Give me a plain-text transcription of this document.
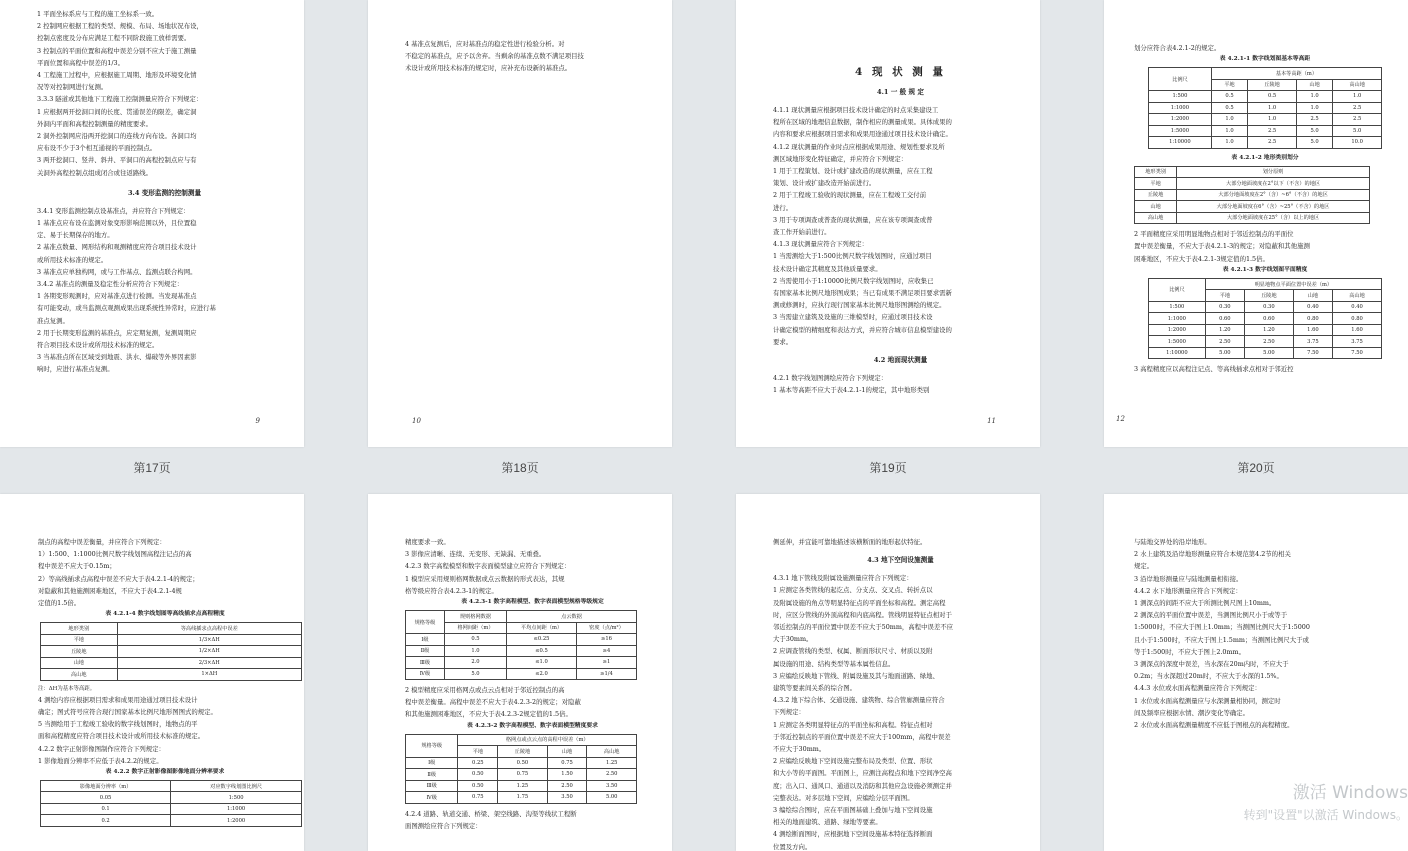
1 平面坐标系应与工程的施工坐标系一致。
2 控制网应根据工程的类型、规模、布局、场地状况布设，
控制点密度及分布应满足工程不同阶段施工放样需要。
3 控制点的平面位置和高程中误差分别不应大于施工测量
平面位置和高程中误差的1/3。
4 工程施工过程中，应根据施工周期、地形及环境变化情
况等对控制网进行复测。
3.3.3 隧道或其他地下工程施工控制测量应符合下列规定：
1 应根据两开挖洞口间的长度、贯通误差的限差，确定洞
外洞内平面和高程控制测量的精度要求。
2 洞外控制网应沿两开挖洞口的连线方向布设。各洞口均
应布设不少于3个相互通视的平面控制点。
3 两开挖洞口、竖井、斜井、平洞口的高程控制点应与有
关洞外高程控制点组成闭合或往返路线。
3.4 变形监测的控制测量
3.4.1 变形监测控制点设基准点，并应符合下列规定：
1 基准点应布设在监测对象变形影响范围以外，且位置稳
定、易于长期保存的地方。
2 基准点数量、网形结构和观测精度应符合项目技术设计
或所用技术标准的规定。
3 基准点应单独构网，或与工作基点、监测点联合构网。
3.4.2 基准点的测量及稳定性分析应符合下列规定：
1 各期变形观测时，应对基准点进行检测。当发现基准点
有可能变动，或当监测点观测成果出现系统性异常时，应进行基
准点复测。
2 用于长期变形监测的基准点，应定期复测，复测周期应
符合项目技术设计或所用技术标准的规定。
3 当基准点所在区域受到地震、洪水、爆破等外界因素影
响时，应进行基准点复测。
9
第17页
4 基准点复测后，应对基准点的稳定性进行检验分析。对
不稳定的基准点，应予以舍弃。当剩余的基准点数不满足项目技
术设计或所用技术标准的规定时，应补充布设新的基准点。
10
第18页
4 现 状 测 量
4.1 一 般 规 定
4.1.1 现状测量应根据项目技术设计确定的时点采集建设工
程所在区域的地理信息数据，制作相应的测量成果。具体成果的
内容和要求应根据项目需求和成果用途通过项目技术设计确定。
4.1.2 现状测量的作业时点应根据成果用途、规划性要求及所
测区域地形变化特征确定，并应符合下列规定：
1 用于工程策划、设计或扩建改造的现状测量，应在工程
策划、设计或扩建改造开始前进行。
2 用于工程竣工验收的现状测量，应在工程竣工交付前
进行。
3 用于专项调查或普查的现状测量，应在该专项调查或普
查工作开始前进行。
4.1.3 现状测量应符合下列规定：
1 当需测绘大于1:500比例尺数字线划图时，应通过项目
技术设计确定其精度及其他质量要求。
2 当需使用小于1:10000比例尺数字线划图时，应收集已
有国家基本比例尺地形图成果；当已有成果不满足项目要求需新
测或修测时，应执行现行国家基本比例尺地形图测绘的规定。
3 当需建立建筑及设施的三维模型时，应通过项目技术设
计确定模型的精细度和表达方式，并应符合城市信息模型建设的
要求。
4.2 地面现状测量
4.2.1 数字线划图测绘应符合下列规定：
1 基本等高距不应大于表4.2.1-1的规定，其中地形类别
11
第19页
划分应符合表4.2.1-2的规定。
表 4.2.1-1 数字线划图基本等高距
比例尺	基本等高距（m）			
	平地	丘陵地	山地	高山地
1:500	0.5	0.5	1.0	1.0
1:1000	0.5	1.0	1.0	2.5
1:2000	1.0	1.0	2.5	2.5
1:5000	1.0	2.5	5.0	5.0
1:10000	1.0	2.5	5.0	10.0
表 4.2.1-2 地形类别划分
地形类别	划分原则
平地	大部分地面坡度在2°以下（不含）的地区
丘陵地	大部分地面坡度在2°（含）~6°（不含）的地区
山地	大部分地面坡度在6°（含）~25°（不含）的地区
高山地	大部分地面坡度在25°（含）以上的地区
2 平面精度应采用明显地物点相对于邻近控制点的平面位
置中误差衡量，不应大于表4.2.1-3的规定；对隐蔽和其他施测
困难地区，不应大于表4.2.1-3规定值的1.5倍。
表 4.2.1-3 数字线划图平面精度
比例尺	明显地物点平面位置中误差（m）			
	平地	丘陵地	山地	高山地
1:500	0.30	0.30	0.40	0.40
1:1000	0.60	0.60	0.80	0.80
1:2000	1.20	1.20	1.60	1.60
1:5000	2.50	2.50	3.75	3.75
1:10000	5.00	5.00	7.50	7.50
3 高程精度应以高程注记点、等高线插求点相对于邻近控
12
第20页
制点的高程中误差衡量，并应符合下列规定：
1）1:500、1:1000比例尺数字线划图高程注记点的高
程中误差不应大于0.15m；
2）等高线插求点高程中误差不应大于表4.2.1-4的规定；
对隐蔽和其他施测困难地区，不应大于表4.2.1-4规
定值的1.5倍。
表 4.2.1-4 数字线划图等高线插求点高程精度
地形类别	等高线插求点高程中误差
平地	1/3×ΔH
丘陵地	1/2×ΔH
山地	2/3×ΔH
高山地	1×ΔH
注：ΔH为基本等高距。
4 测绘内容应根据项目需求和成果用途通过项目技术设计
确定；图式符号应符合现行国家基本比例尺地形图图式的规定。
5 当测绘用于工程竣工验收的数字线划图时，地物点的平
面和高程精度应符合项目技术设计或所用技术标准的规定。
4.2.2 数字正射影像图制作应符合下列规定：
1 影像地面分辨率不应低于表4.2.2的规定。
表 4.2.2 数字正射影像图影像地面分辨率要求
影像地面分辨率（m）	对应数字线划图比例尺
0.05	1:500
0.1	1:1000
0.2	1:2000
精度要求一致。
3 影像应清晰、连续、无变形、无缺漏、无重叠。
4.2.3 数字高程模型和数字表面模型建立应符合下列规定：
1 模型应采用规则格网数据或点云数据的形式表达，其规
格等级应符合表4.2.3-1的规定。
表 4.2.3-1 数字高程模型、数字表面模型规格等级规定
规格等级	规则格网数据	点云数据	
	格网间距（m）	平均点间距（m）	密度（点/m²）
Ⅰ级	0.5	≤0.25	≥16
Ⅱ级	1.0	≤0.5	≥4
Ⅲ级	2.0	≤1.0	≥1
Ⅳ级	5.0	≤2.0	≥1/4
2 模型精度应采用格网点或点云点相对于邻近控制点的高
程中误差衡量。高程中误差不应大于表4.2.3-2的规定；对隐蔽
和其他施测困难地区，不应大于表4.2.3-2规定值的1.5倍。
表 4.2.3-2 数字高程模型、数字表面模型精度要求
规格等级	格网点或点云点的高程中误差（m）			
	平地	丘陵地	山地	高山地
Ⅰ级	0.25	0.50	0.75	1.25
Ⅱ级	0.50	0.75	1.50	2.50
Ⅲ级	0.50	1.25	2.50	3.50
Ⅳ级	0.75	1.75	3.50	5.00
4.2.4 道路、轨道交通、桥梁、架空线路、沟渠等线状工程断
面图测绘应符合下列规定：
侧延伸，并宜能可靠地描述该横断面的地形起伏特征。
4.3 地下空间设施测量
4.3.1 地下管线及附属设施测量应符合下列规定：
1 应测定各类管线的起讫点、分支点、交叉点、转折点以
及附属设施的角点等明显特征点的平面坐标和高程。测定高程
时，应区分管线的外顶高程和内底高程。管线明显特征点相对于
邻近控制点的平面位置中误差不应大于50mm，高程中误差不应
大于30mm。
2 应调查管线的类型、权属、断面形状尺寸、材质以及附
属设施的用途、结构类型等基本属性信息。
3 应编绘反映地下管线、附属设施及其与地面道路、绿地、
建筑等要素间关系的综合图。
4.3.2 地下综合体、交通设施、建筑物、综合管廊测量应符合
下列规定：
1 应测定各类明显特征点的平面坐标和高程。特征点相对
于邻近控制点的平面位置中误差不应大于100mm，高程中误差
不应大于30mm。
2 应编绘反映地下空间设施完整布局及类型、位置、形状
和大小等的平面图。平面图上，应测注高程点和地下空间净空高
度；出入口、通风口、通道以及消防和其他应急设施必须测定并
完整表达。对多层地下空间，应编绘分层平面图。
3 编绘综合图时，应在平面图基础上叠加与地下空间设施
相关的地面建筑、道路、绿地等要素。
4 测绘断面图时，应根据地下空间设施基本特征选择断面
位置及方向。
与陆地交界处的沿岸地形。
2 水上建筑及沿岸地形测量应符合本规范第4.2节的相关
规定。
3 沿岸地形测量应与陆地测量相衔接。
4.4.2 水下地形测量应符合下列规定：
1 测深点的间距不应大于所测比例尺图上10mm。
2 测深点的平面位置中误差，当测图比例尺小于或等于
1:5000时，不应大于图上1.0mm；当测图比例尺大于1:5000
且小于1:500时，不应大于图上1.5mm；当测图比例尺大于或
等于1:500时，不应大于图上2.0mm。
3 测深点的深度中误差，当水深在20m内时，不应大于
0.2m；当水深超过20m时，不应大于水深的1.5%。
4.4.3 水位或水面高程测量应符合下列规定：
1 水位或水面高程测量应与水深测量相协同，测定时
间及频率应根据水情、潮汐变化等确定。
2 水位或水面高程测量精度不应低于图根点的高程精度。
激活 Windows
转到"设置"以激活 Windows。
